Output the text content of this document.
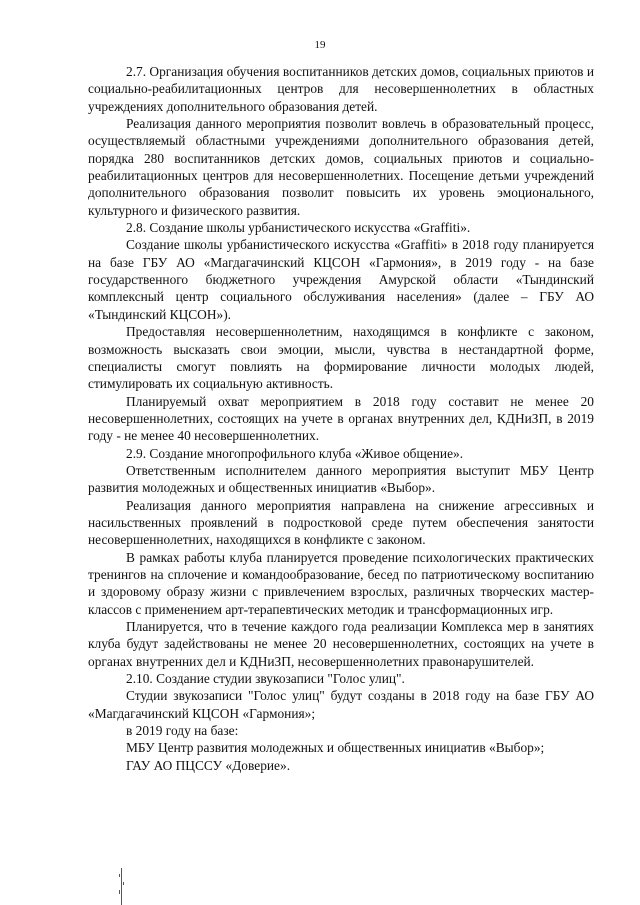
19

2.7. Организация обучения воспитанников детских домов, социальных приютов и социально-реабилитационных центров для несовершеннолетних в областных учреждениях дополнительного образования детей.

Реализация данного мероприятия позволит вовлечь в образовательный процесс, осуществляемый областными учреждениями дополнительного образования детей, порядка 280 воспитанников детских домов, социальных приютов и социально-реабилитационных центров для несовершеннолетних. Посещение детьми учреждений дополнительного образования позволит повысить их уровень эмоционального, культурного и физического развития.

2.8. Создание школы урбанистического искусства «Graffiti».

Создание школы урбанистического искусства «Graffiti» в 2018 году планируется на базе ГБУ АО «Магдагачинский КЦСОН «Гармония», в 2019 году - на базе государственного бюджетного учреждения Амурской области «Тындинский комплексный центр социального обслуживания населения» (далее – ГБУ АО «Тындинский КЦСОН»).

Предоставляя несовершеннолетним, находящимся в конфликте с законом, возможность высказать свои эмоции, мысли, чувства в нестандартной форме, специалисты смогут повлиять на формирование личности молодых людей, стимулировать их социальную активность.

Планируемый охват мероприятием в 2018 году составит не менее 20 несовершеннолетних, состоящих на учете в органах внутренних дел, КДНиЗП, в 2019 году - не менее 40 несовершеннолетних.

2.9. Создание многопрофильного клуба «Живое общение».

Ответственным исполнителем данного мероприятия выступит МБУ Центр развития молодежных и общественных инициатив «Выбор».

Реализация данного мероприятия направлена на снижение агрессивных и насильственных проявлений в подростковой среде путем обеспечения занятости несовершеннолетних, находящихся в конфликте с законом.

В рамках работы клуба планируется проведение психологических практических тренингов на сплочение и командообразование, бесед по патриотическому воспитанию и здоровому образу жизни с привлечением взрослых, различных творческих мастер-классов с применением арт-терапевтических методик и трансформационных игр.

Планируется, что в течение каждого года реализации Комплекса мер в занятиях клуба будут задействованы не менее 20 несовершеннолетних, состоящих на учете в органах внутренних дел и КДНиЗП, несовершеннолетних правонарушителей.

2.10. Создание студии звукозаписи "Голос улиц".

Студии звукозаписи "Голос улиц" будут созданы в 2018 году на базе ГБУ АО «Магдагачинский КЦСОН «Гармония»;

в 2019 году на базе:

МБУ Центр развития молодежных и общественных инициатив «Выбор»;

ГАУ АО ПЦССУ «Доверие».
